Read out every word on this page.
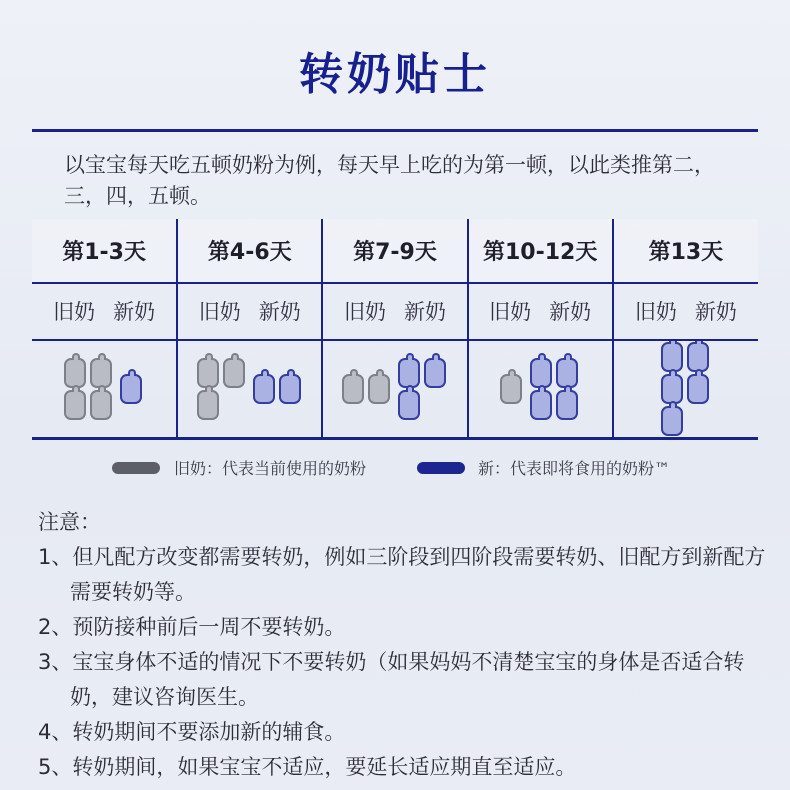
转奶贴士
以宝宝每天吃五顿奶粉为例，每天早上吃的为第一顿，以此类推第二，三，四，五顿。
第1-3天	第4-6天	第7-9天	第10-12天	第13天
旧奶 新奶	旧奶 新奶	旧奶 新奶	旧奶 新奶	旧奶 新奶

旧奶：代表当前使用的奶粉	新：代表即将食用的奶粉™
注意：
1、但凡配方改变都需要转奶，例如三阶段到四阶段需要转奶、旧配方到新配方需要转奶等。
2、预防接种前后一周不要转奶。
3、宝宝身体不适的情况下不要转奶（如果妈妈不清楚宝宝的身体是否适合转奶，建议咨询医生。
4、转奶期间不要添加新的辅食。
5、转奶期间，如果宝宝不适应，要延长适应期直至适应。
